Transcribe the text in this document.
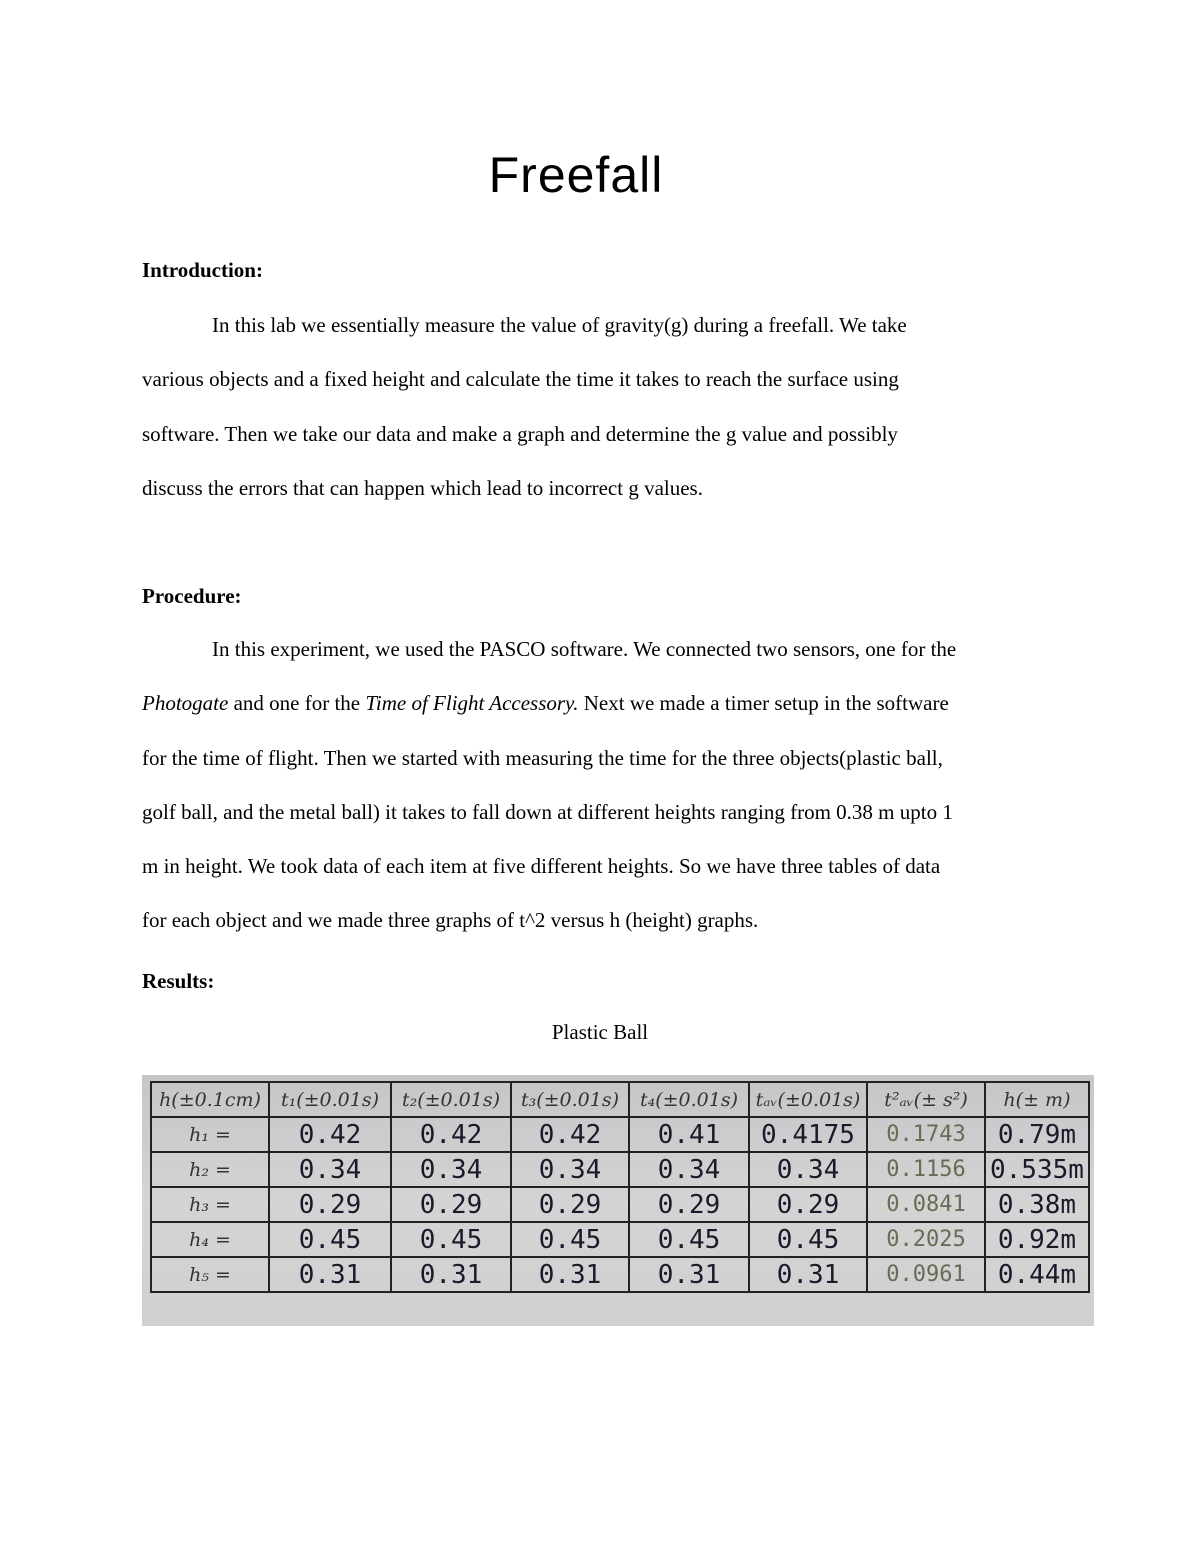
Freefall
Introduction:

In this lab we essentially measure the value of gravity(g) during a freefall. We take

various objects and a fixed height and calculate the time it takes to reach the surface using

software. Then we take our data and make a graph and determine the g value and possibly

discuss the errors that can happen which lead to incorrect g values.

Procedure:

In this experiment, we used the PASCO software. We connected two sensors, one for the

Photogate and one for the Time of Flight Accessory. Next we made a timer setup in the software

for the time of flight. Then we started with measuring the time for the three objects(plastic ball,

golf ball, and the metal ball) it takes to fall down at different heights ranging from 0.38 m upto 1

m in height. We took data of each item at five different heights. So we have three tables of data

for each object and we made three graphs of t^2 versus h (height) graphs.

Results:
Plastic Ball
h(±0.1cm)	t₁(±0.01s)	t₂(±0.01s)	t₃(±0.01s)	t₄(±0.01s)	tₐᵥ(±0.01s)	t²ₐᵥ(± s²)	h(± m)
h₁ =	0.42	0.42	0.42	0.41	0.4175	0.1743	0.79m
h₂ =	0.34	0.34	0.34	0.34	0.34	0.1156	0.535m
h₃ =	0.29	0.29	0.29	0.29	0.29	0.0841	0.38m
h₄ =	0.45	0.45	0.45	0.45	0.45	0.2025	0.92m
h₅ =	0.31	0.31	0.31	0.31	0.31	0.0961	0.44m
